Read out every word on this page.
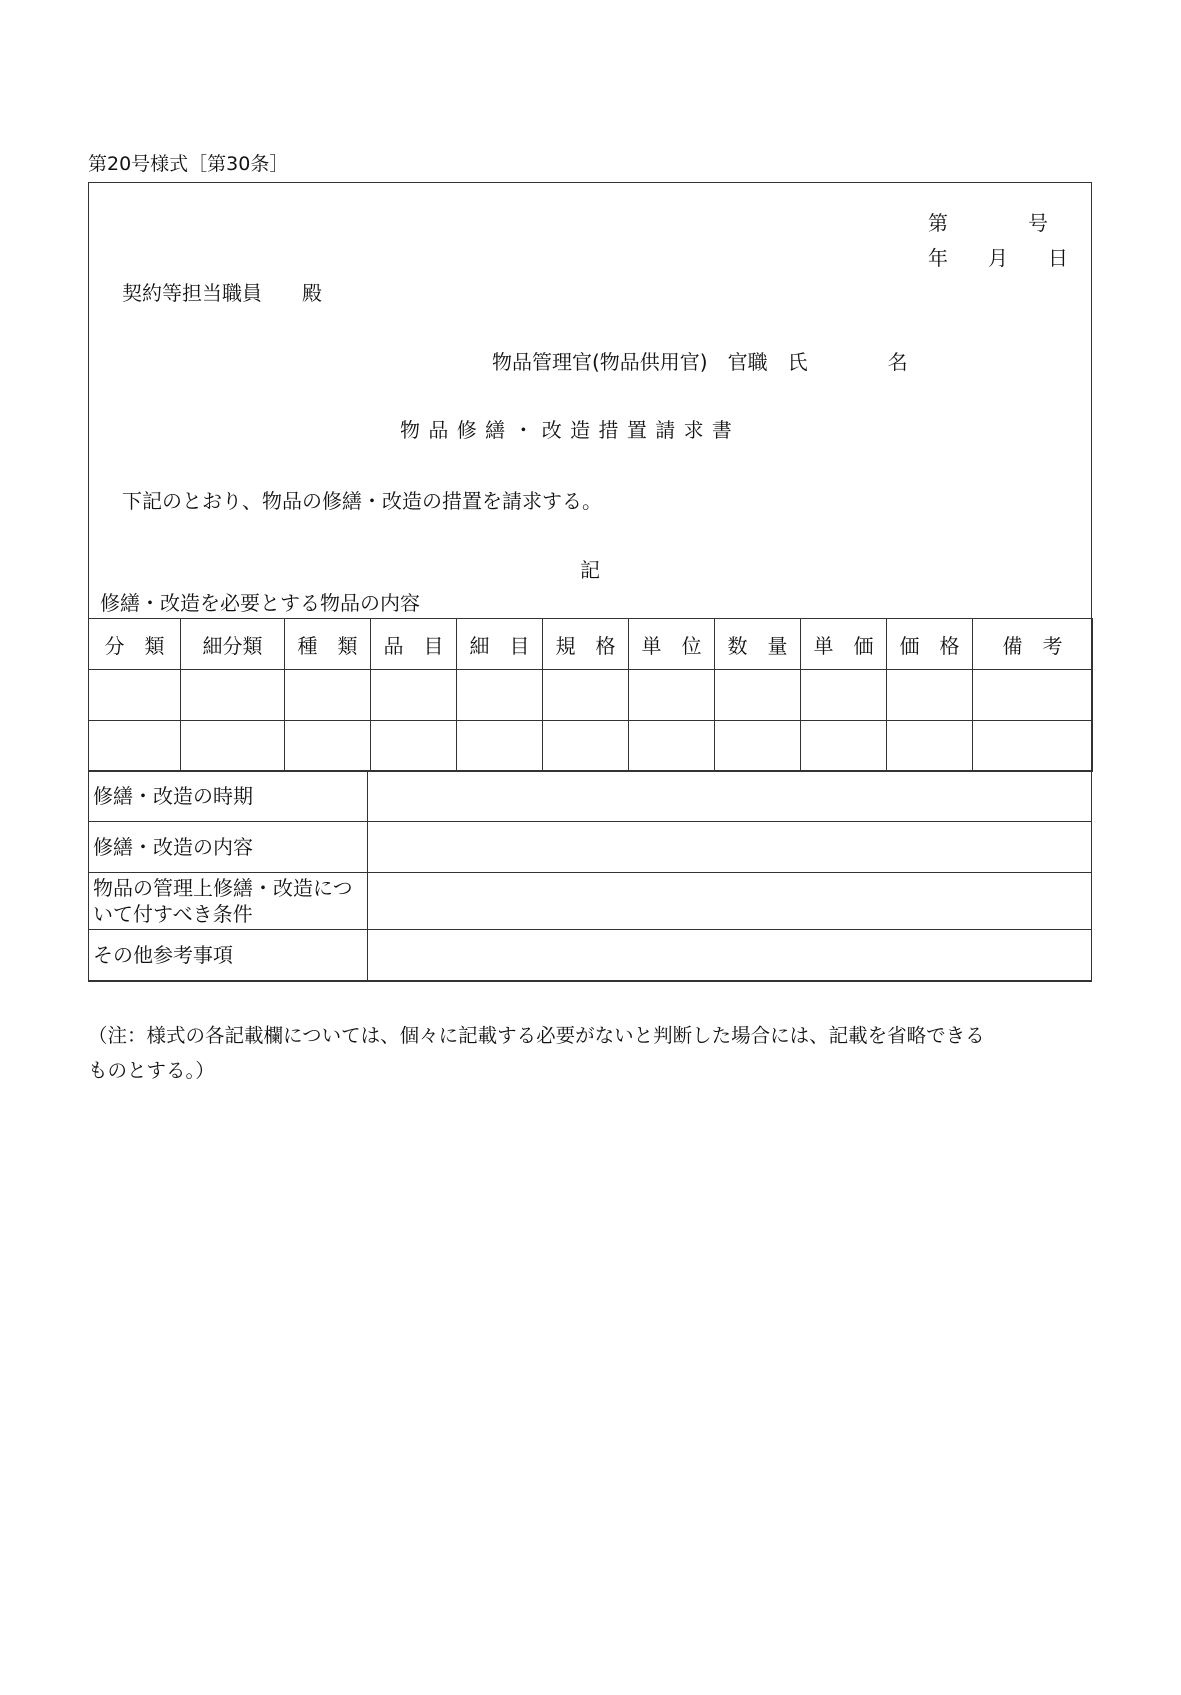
第20号様式［第30条］
第　　　　号
年　　月　　日
契約等担当職員　　殿
物品管理官(物品供用官)　官職　氏　　　　名
物 品 修 繕 ・ 改 造 措 置 請 求 書
下記のとおり、物品の修繕・改造の措置を請求する。
記
修繕・改造を必要とする物品の内容
分　類	細分類	種　類	品　目	細　目	規　格	単　位	数　量	単　価	価　格	備　考

修繕・改造の時期	
修繕・改造の内容	
物品の管理上修繕・改造について付すべき条件	
その他参考事項	
（注：様式の各記載欄については、個々に記載する必要がないと判断した場合には、記載を省略できる
ものとする。）
